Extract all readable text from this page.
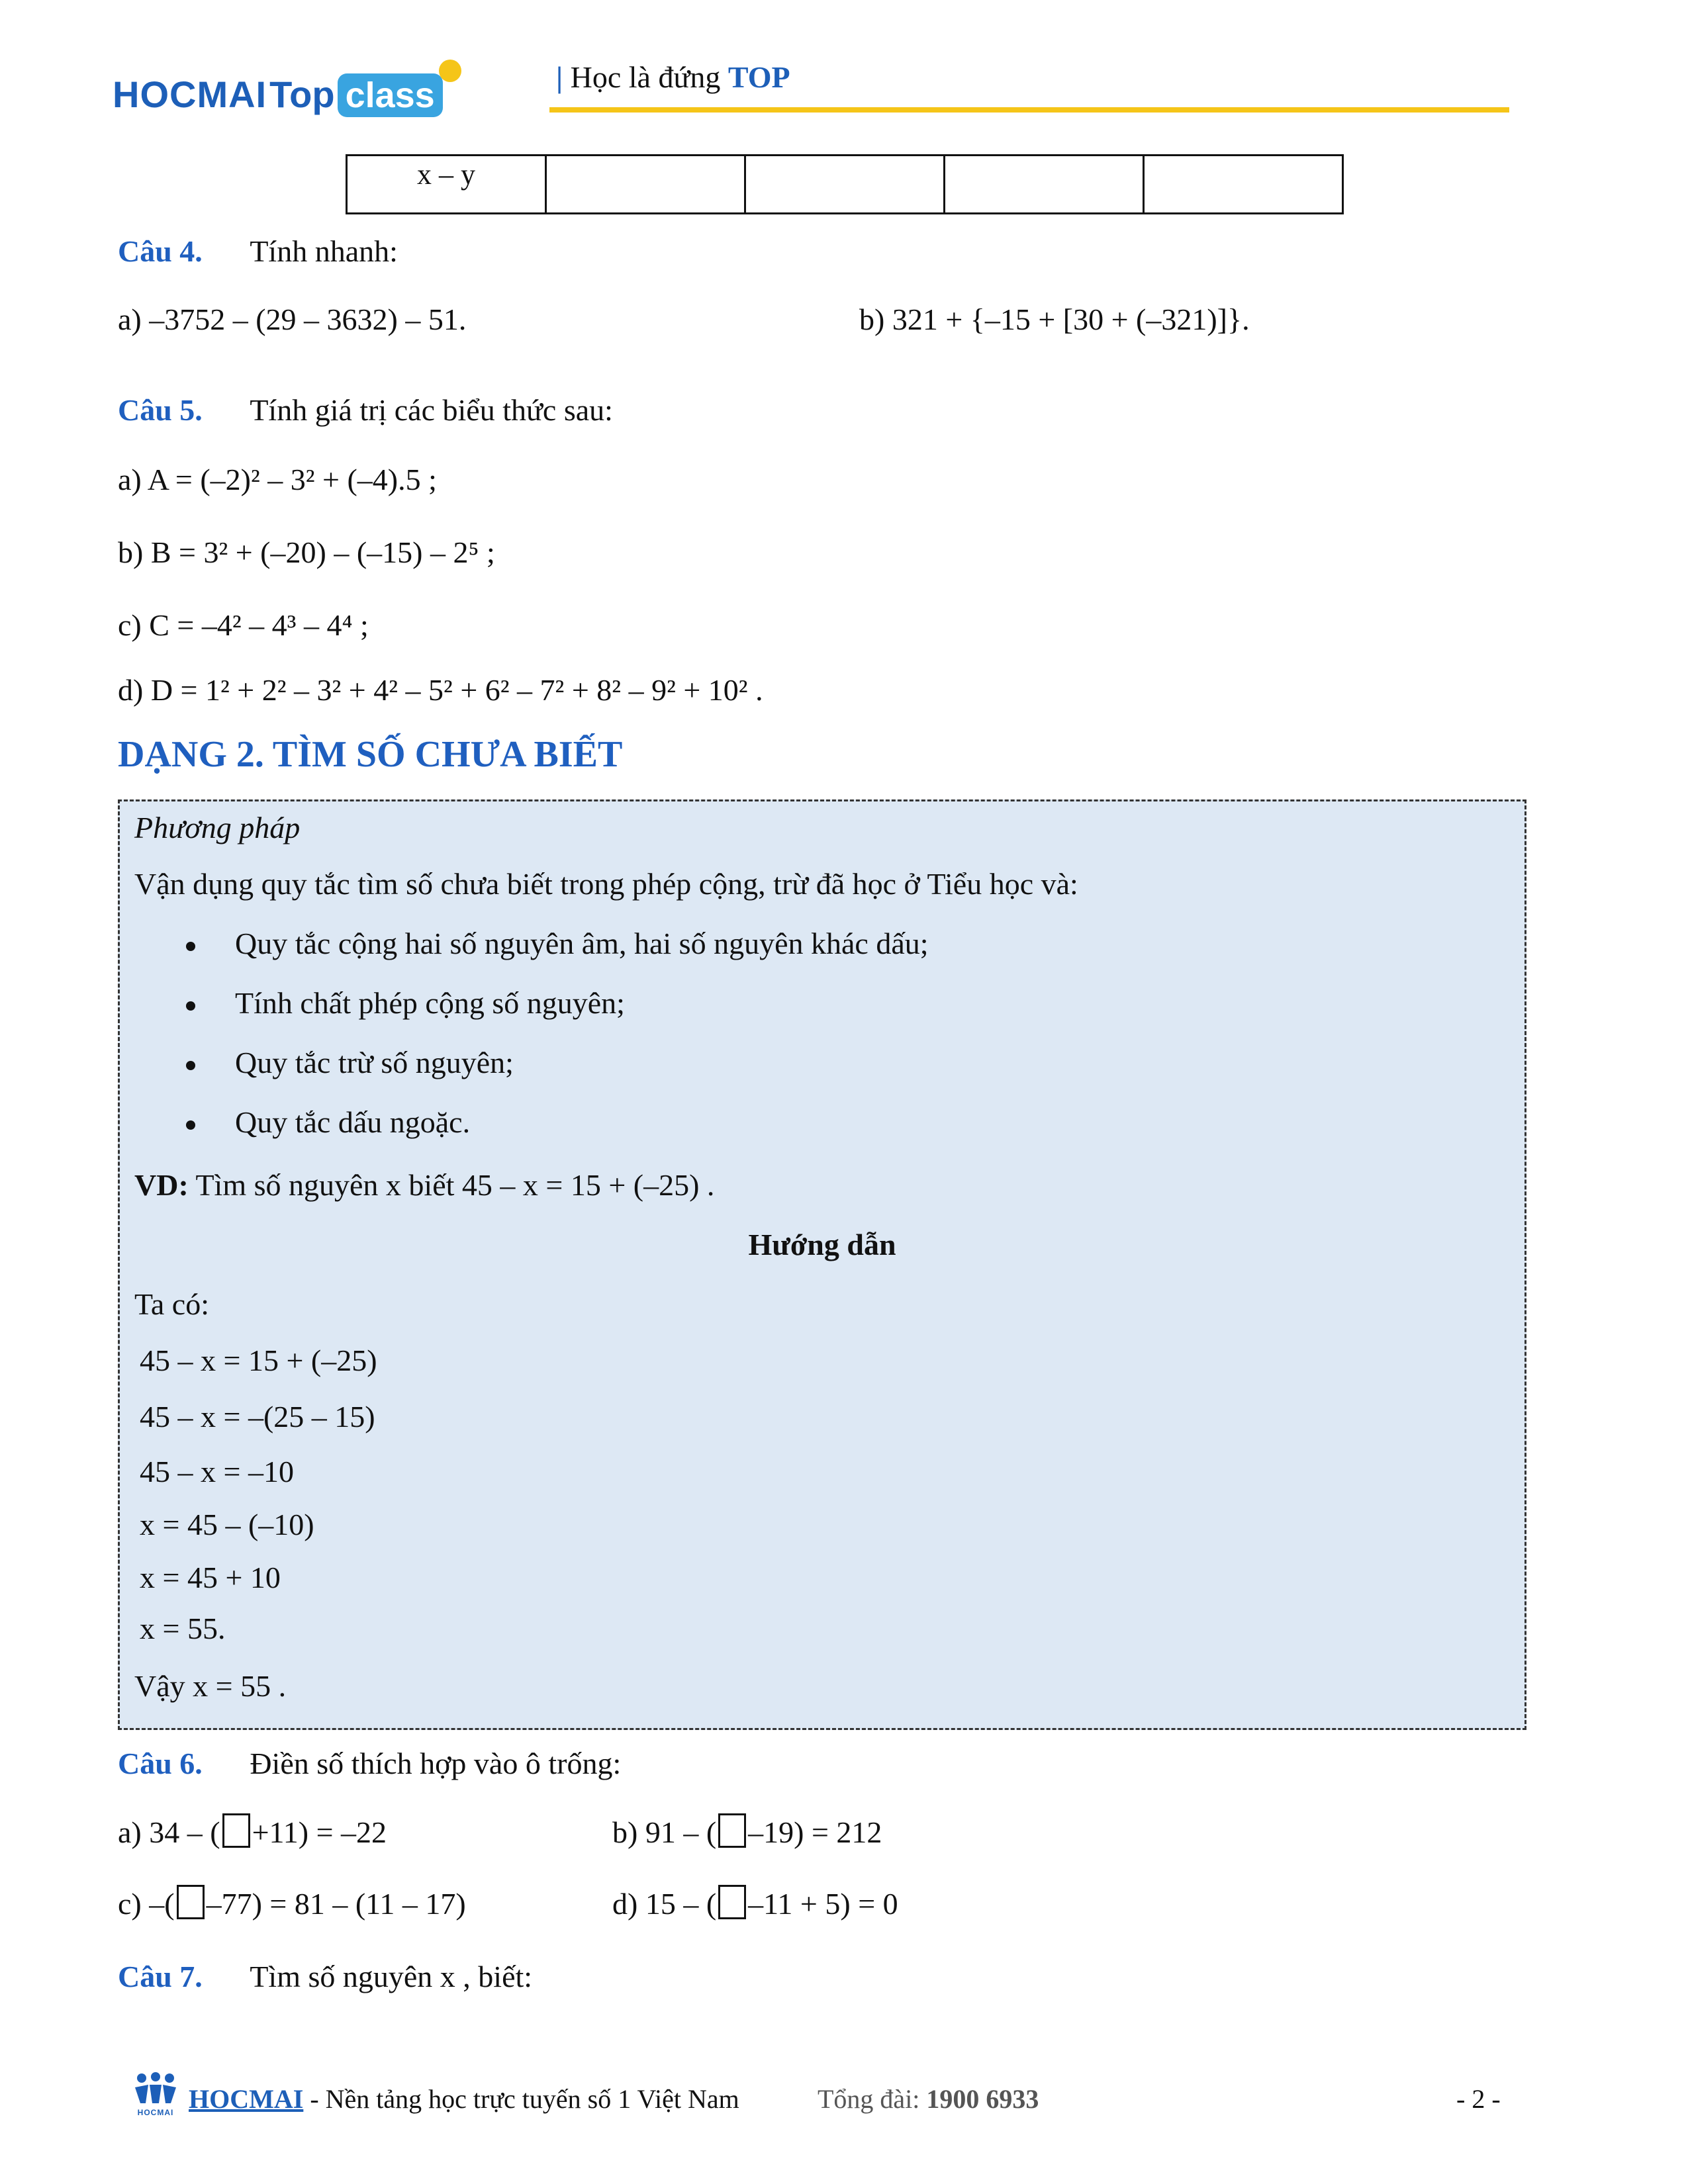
HOCMAI Top class	| Học là đứng TOP
x – y				
Câu 4. Tính nhanh:
a) –3752 – (29 – 3632) – 51.	b) 321 + {–15 + [30 + (–321)]}.
Câu 5. Tính giá trị các biểu thức sau:
a) A = (–2)² – 3² + (–4).5 ;
b) B = 3² + (–20) – (–15) – 2⁵ ;
c) C = –4² – 4³ – 4⁴ ;
d) D = 1² + 2² – 3² + 4² – 5² + 6² – 7² + 8² – 9² + 10² .
DẠNG 2. TÌM SỐ CHƯA BIẾT
Phương pháp
Vận dụng quy tắc tìm số chưa biết trong phép cộng, trừ đã học ở Tiểu học và:
Quy tắc cộng hai số nguyên âm, hai số nguyên khác dấu;
Tính chất phép cộng số nguyên;
Quy tắc trừ số nguyên;
Quy tắc dấu ngoặc.
VD: Tìm số nguyên x biết 45 – x = 15 + (–25) .
Hướng dẫn
Ta có:
45 – x = 15 + (–25)
45 – x = –(25 – 15)
45 – x = –10
x = 45 – (–10)
x = 45 + 10
x = 55.
Vậy x = 55 .
Câu 6. Điền số thích hợp vào ô trống:
a) 34 – ( +11) = –22	b) 91 – ( –19) = 212
c) –( –77) = 81 – (11 – 17)	d) 15 – ( –11 + 5) = 0
Câu 7. Tìm số nguyên x , biết:
HOCMAI HOCMAI - Nền tảng học trực tuyến số 1 Việt Nam	Tổng đài: 1900 6933	- 2 -
